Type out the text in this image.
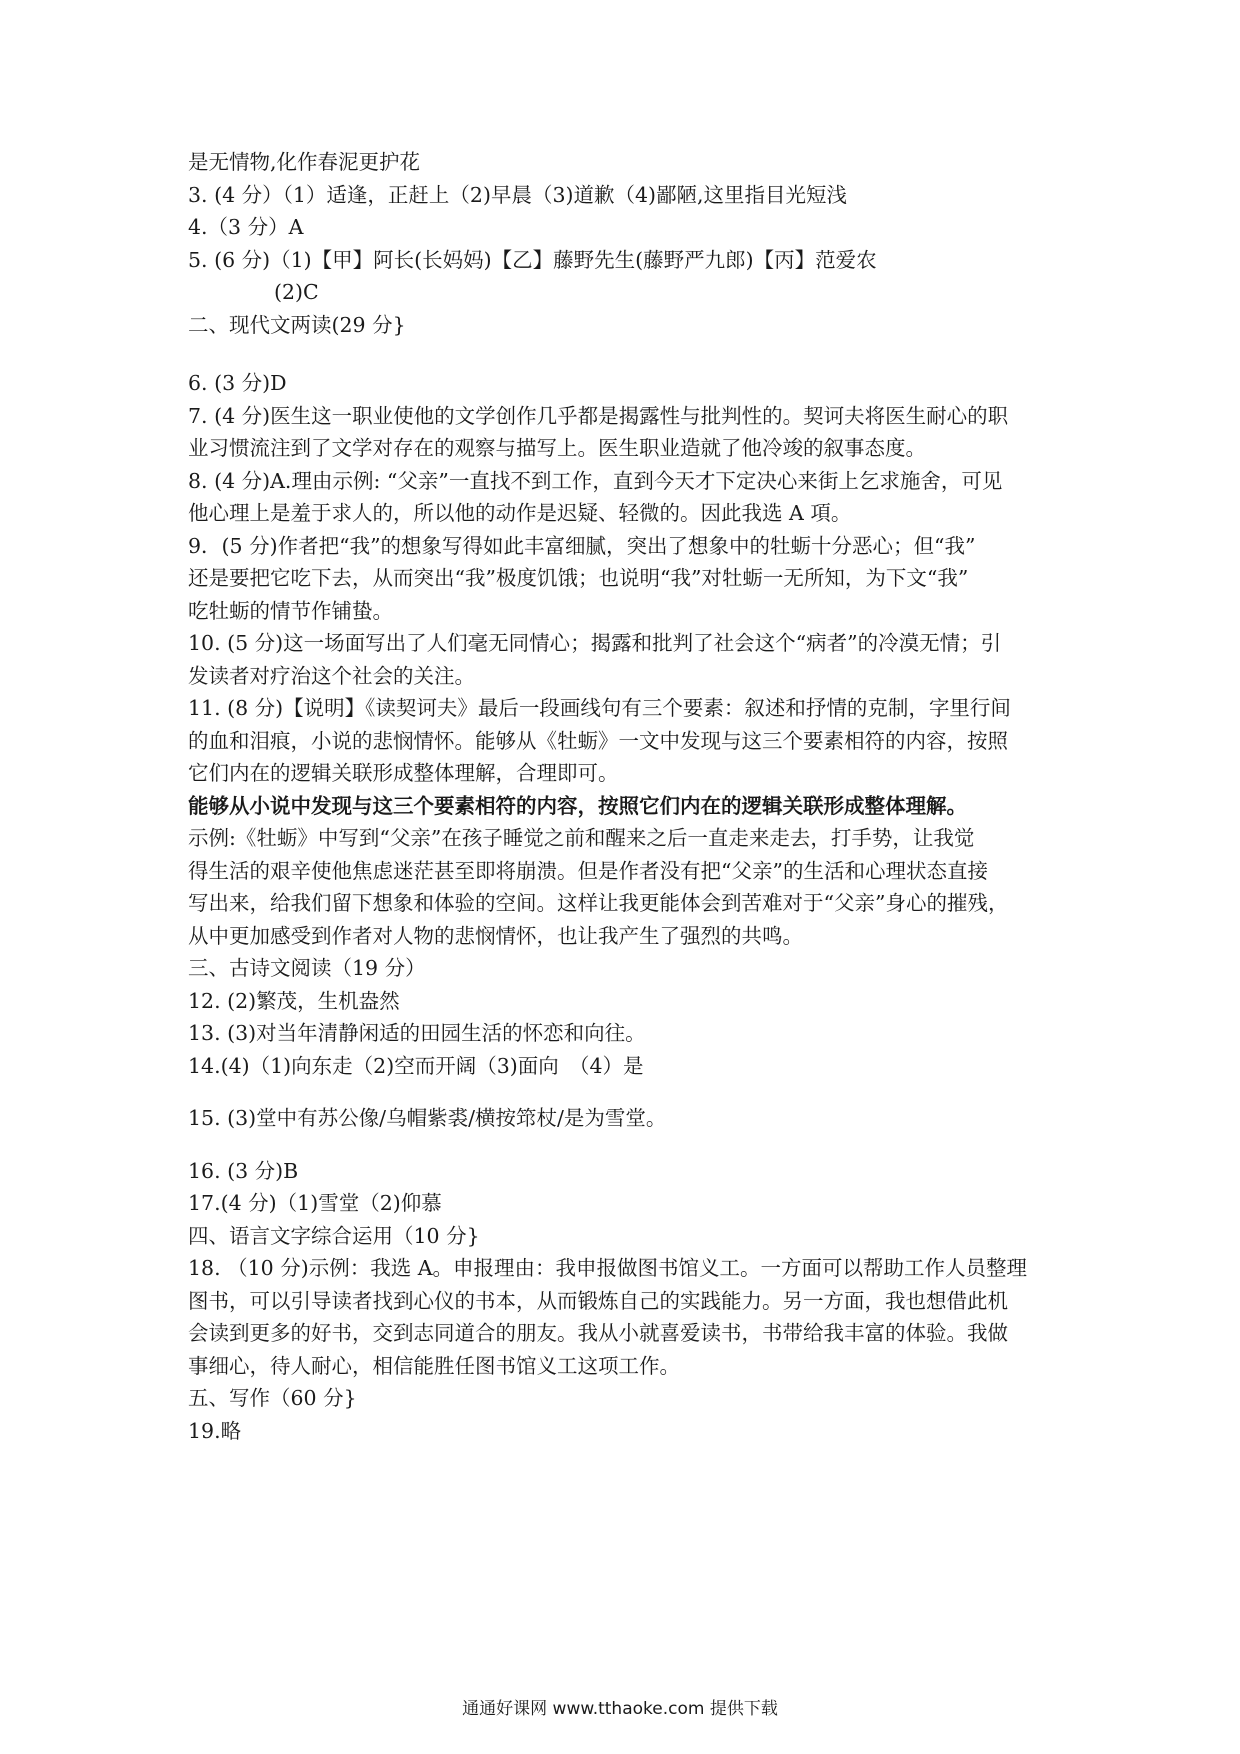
是无情物,化作春泥更护花
3. (4 分）（1）适逢，正赶上（2)早晨（3)道歉（4)鄙陋,这里指目光短浅
4.（3 分）A
5. (6 分)（1)【甲】阿长(长妈妈)【乙】藤野先生(藤野严九郎)【丙】范爱农
(2)C
二、现代文两读(29 分}
6. (3 分)D
7. (4 分)医生这一职业使他的文学创作几乎都是揭露性与批判性的。契诃夫将医生耐心的职
业习惯流注到了文学对存在的观察与描写上。医生职业造就了他冷竣的叙事态度。
8. (4 分)A.理由示例: “父亲”一直找不到工作，直到今天才下定决心来街上乞求施舍，可见
他心理上是羞于求人的，所以他的动作是迟疑、轻微的。因此我选 A 項。
9．(5 分)作者把“我”的想象写得如此丰富细腻，突出了想象中的牡蛎十分恶心；但“我”
还是要把它吃下去，从而突出“我”极度饥饿；也说明“我”对牡蛎一无所知，为下文“我”
吃牡蛎的情节作铺蛰。
10. (5 分)这一场面写出了人们毫无同情心；揭露和批判了社会这个“病者”的冷漠无情；引
发读者对疗治这个社会的关注。
11. (8 分)【说明】《读契诃夫》最后一段画线句有三个要素：叙述和抒情的克制，字里行间
的血和泪痕，小说的悲悯情怀。能够从《牡蛎》一文中发现与这三个要素相符的内容，按照
它们内在的逻辑关联形成整体理解，合理即可。
能够从小说中发现与这三个要素相符的内容，按照它们内在的逻辑关联形成整体理解。
示例:《牡蛎》中写到“父亲”在孩子睡觉之前和醒来之后一直走来走去，打手势，让我觉
得生活的艰辛使他焦虑迷茫甚至即将崩溃。但是作者没有把“父亲”的生活和心理状态直接
写出来，给我们留下想象和体验的空间。这样让我更能体会到苦难对于“父亲”身心的摧残，
从中更加感受到作者对人物的悲悯情怀，也让我产生了强烈的共鸣。
三、古诗文阅读（19 分）
12. (2)繁茂，生机盎然
13. (3)对当年清静闲适的田园生活的怀恋和向往。
14.(4)（1)向东走（2)空而开阔（3)面向　（4）是
15. (3)堂中有苏公像/乌帽紫裘/横按筇杖/是为雪堂。
16. (3 分)B
17.(4 分)（1)雪堂（2)仰慕
四、语言文字综合运用（10 分}
18. （10 分)示例：我选 A。申报理由：我申报做图书馆义工。一方面可以帮助工作人员整理
图书，可以引导读者找到心仪的书本，从而锻炼自己的实践能力。另一方面，我也想借此机
会读到更多的好书，交到志同道合的朋友。我从小就喜爱读书，书带给我丰富的体验。我做
事细心，待人耐心，相信能胜任图书馆义工这项工作。
五、写作（60 分}
19.略
通通好课网 www.tthaoke.com 提供下载
